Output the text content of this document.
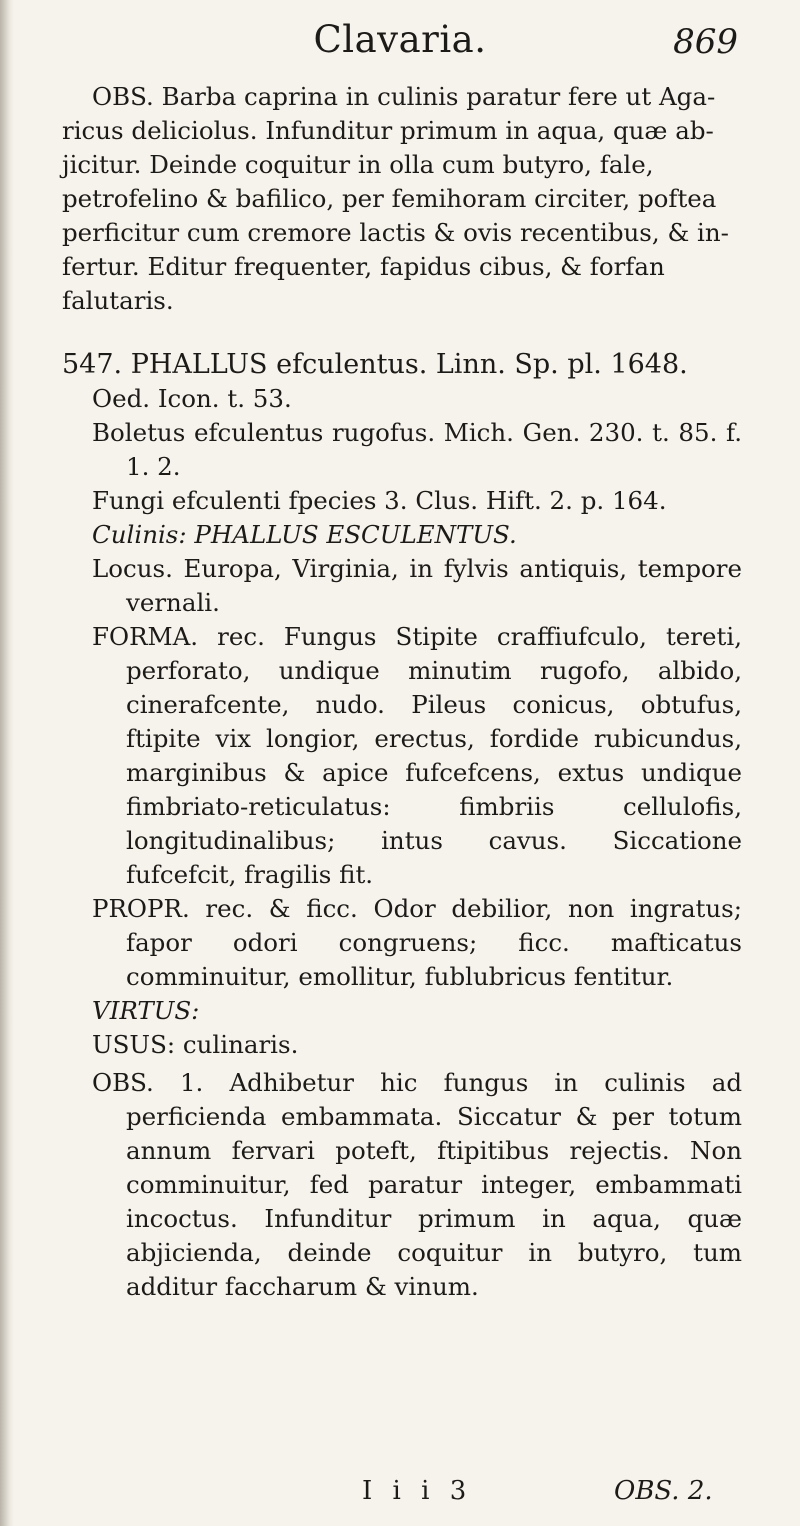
Clavaria.	869

OBS. Barba caprina in culinis paratur fere ut Aga-

ricus deliciolus. Infunditur primum in aqua, quæ ab-

jicitur. Deinde coquitur in olla cum butyro, fale,

petrofelino & bafilico, per femihoram circiter, poftea

perficitur cum cremore lactis & ovis recentibus, & in-

fertur. Editur frequenter, fapidus cibus, & forfan

falutaris.

547. PHALLUS efculentus. Linn. Sp. pl. 1648.

Oed. Icon. t. 53.

Boletus efculentus rugofus. Mich. Gen. 230. t. 85. f. 1. 2.

Fungi efculenti fpecies 3. Clus. Hift. 2. p. 164.

Culinis: PHALLUS ESCULENTUS.

Locus. Europa, Virginia, in fylvis antiquis, tempore vernali.

FORMA. rec. Fungus Stipite craffiufculo, tereti, perforato, undique minutim rugofo, albido, cinerafcente, nudo. Pileus conicus, obtufus, ftipite vix longior, erectus, fordide rubicundus, marginibus & apice fufcefcens, extus undique fimbriato-reticulatus: fimbriis cellulofis, longitudinalibus; intus cavus. Siccatione fufcefcit, fragilis fit.

PROPR. rec. & ficc. Odor debilior, non ingratus; fapor odori congruens; ficc. mafticatus comminuitur, emollitur, fublubricus fentitur.

VIRTUS:

USUS: culinaris.

OBS. 1. Adhibetur hic fungus in culinis ad perficienda embammata. Siccatur & per totum annum fervari poteft, ftipitibus rejectis. Non comminuitur, fed paratur integer, embammati incoctus. Infunditur primum in aqua, quæ abjicienda, deinde coquitur in butyro, tum additur faccharum & vinum.

I i i 3	OBS. 2.
